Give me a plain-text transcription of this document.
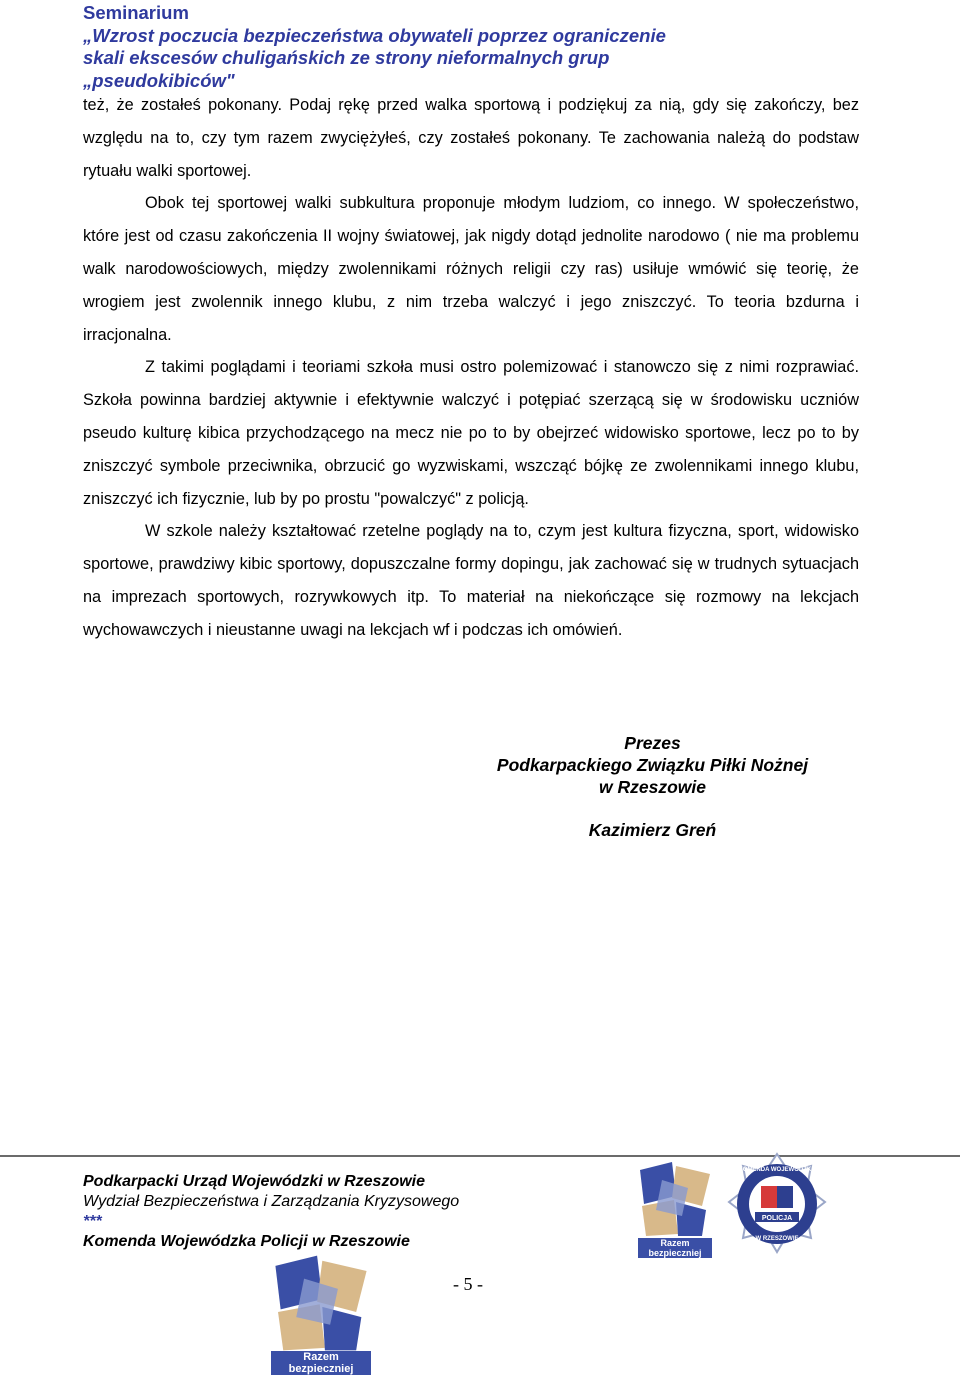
Seminarium
„Wzrost poczucia bezpieczeństwa obywateli poprzez ograniczenie
skali ekscesów chuligańskich ze strony nieformalnych grup
„pseudokibiców"

też, że zostałeś pokonany. Podaj rękę przed walka sportową i podziękuj za nią, gdy się zakończy, bez względu na to, czy tym razem zwyciężyłeś, czy zostałeś pokonany. Te zachowania należą do podstaw rytuału walki sportowej.

Obok tej sportowej walki subkultura proponuje młodym ludziom, co innego. W społeczeństwo, które jest od czasu zakończenia II wojny światowej, jak nigdy dotąd jednolite narodowo ( nie ma problemu walk narodowościowych, między zwolennikami różnych religii czy ras) usiłuje wmówić się teorię, że wrogiem jest zwolennik innego klubu, z nim trzeba walczyć i jego zniszczyć. To teoria bzdurna i irracjonalna.

Z takimi poglądami i teoriami szkoła musi ostro polemizować i stanowczo się z nimi rozprawiać. Szkoła powinna bardziej aktywnie i efektywnie walczyć i potępiać szerzącą się w środowisku uczniów pseudo kulturę kibica przychodzącego na mecz nie po to by obejrzeć widowisko sportowe, lecz po to by zniszczyć symbole przeciwnika, obrzucić go wyzwiskami, wszcząć bójkę ze zwolennikami innego klubu, zniszczyć ich fizycznie, lub by po prostu "powalczyć" z policją.

W szkole należy kształtować rzetelne poglądy na to, czym jest kultura fizyczna, sport, widowisko sportowe, prawdziwy kibic sportowy, dopuszczalne formy dopingu, jak zachować się w trudnych sytuacjach na imprezach sportowych, rozrywkowych itp. To materiał na niekończące się rozmowy na lekcjach wychowawczych i nieustanne uwagi na lekcjach wf i podczas ich omówień.

Prezes
Podkarpackiego Związku Piłki Nożnej
w Rzeszowie
Kazimierz Greń
Podkarpacki Urząd Wojewódzki w Rzeszowie
Wydział Bezpieczeństwa i Zarządzania Kryzysowego
***
Komenda Wojewódzka Policji w Rzeszowie
- 5 -
Razem
bezpieczniej
Razem
bezpieczniej
POLICJA
KOMENDA WOJEWÓDZKA
W RZESZOWIE
